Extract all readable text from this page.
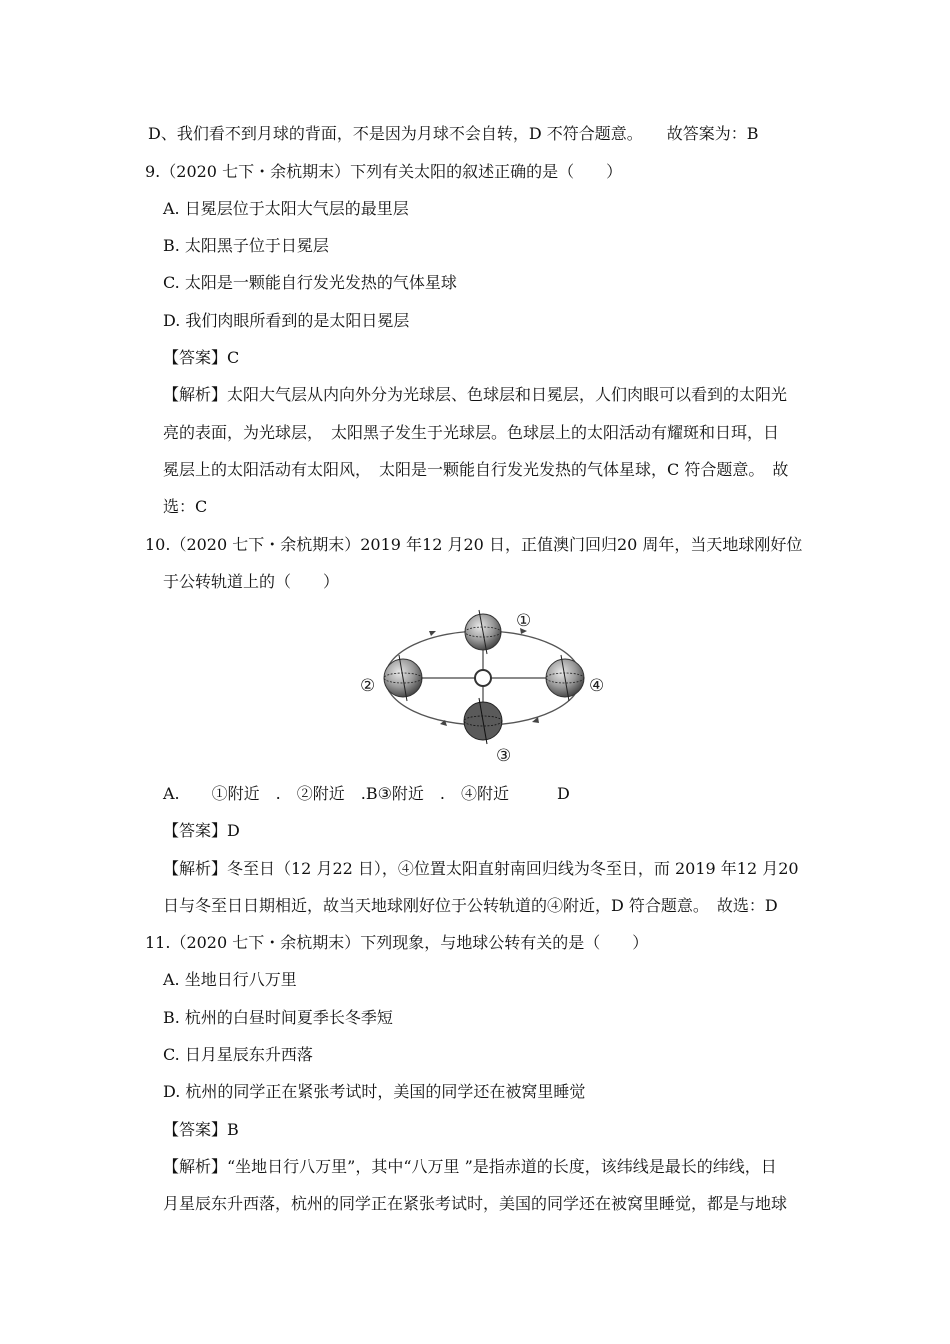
D、我们看不到月球的背面，不是因为月球不会自转，D 不符合题意。　　故答案为：B
9.（2020 七下・余杭期末）下列有关太阳的叙述正确的是（　　）
A. 日冕层位于太阳大气层的最里层
B. 太阳黑子位于日冕层
C. 太阳是一颗能自行发光发热的气体星球
D. 我们肉眼所看到的是太阳日冕层
【答案】C
【解析】太阳大气层从内向外分为光球层、色球层和日冕层，人们肉眼可以看到的太阳光
亮的表面，为光球层，　太阳黑子发生于光球层。色球层上的太阳活动有耀斑和日珥，日
冕层上的太阳活动有太阳风，　太阳是一颗能自行发光发热的气体星球，C 符合题意。　故
选：C
10.（2020 七下・余杭期末）2019 年12 月20 日，正值澳门回归20 周年，当天地球刚好位
于公转轨道上的（　　）
①
②
③
④
A.　　①附近　.　②附近　.B③附近　.　④附近　　　D
【答案】D
【解析】冬至日（12 月22 日），④位置太阳直射南回归线为冬至日，而 2019 年12 月20
日与冬至日日期相近，故当天地球刚好位于公转轨道的④附近，D 符合题意。　故选：D
11.（2020 七下・余杭期末）下列现象，与地球公转有关的是（　　）
A. 坐地日行八万里
B. 杭州的白昼时间夏季长冬季短
C. 日月星辰东升西落
D. 杭州的同学正在紧张考试时，美国的同学还在被窝里睡觉
【答案】B
【解析】“坐地日行八万里”，其中“八万里 ”是指赤道的长度，该纬线是最长的纬线，日
月星辰东升西落，杭州的同学正在紧张考试时，美国的同学还在被窝里睡觉，都是与地球
